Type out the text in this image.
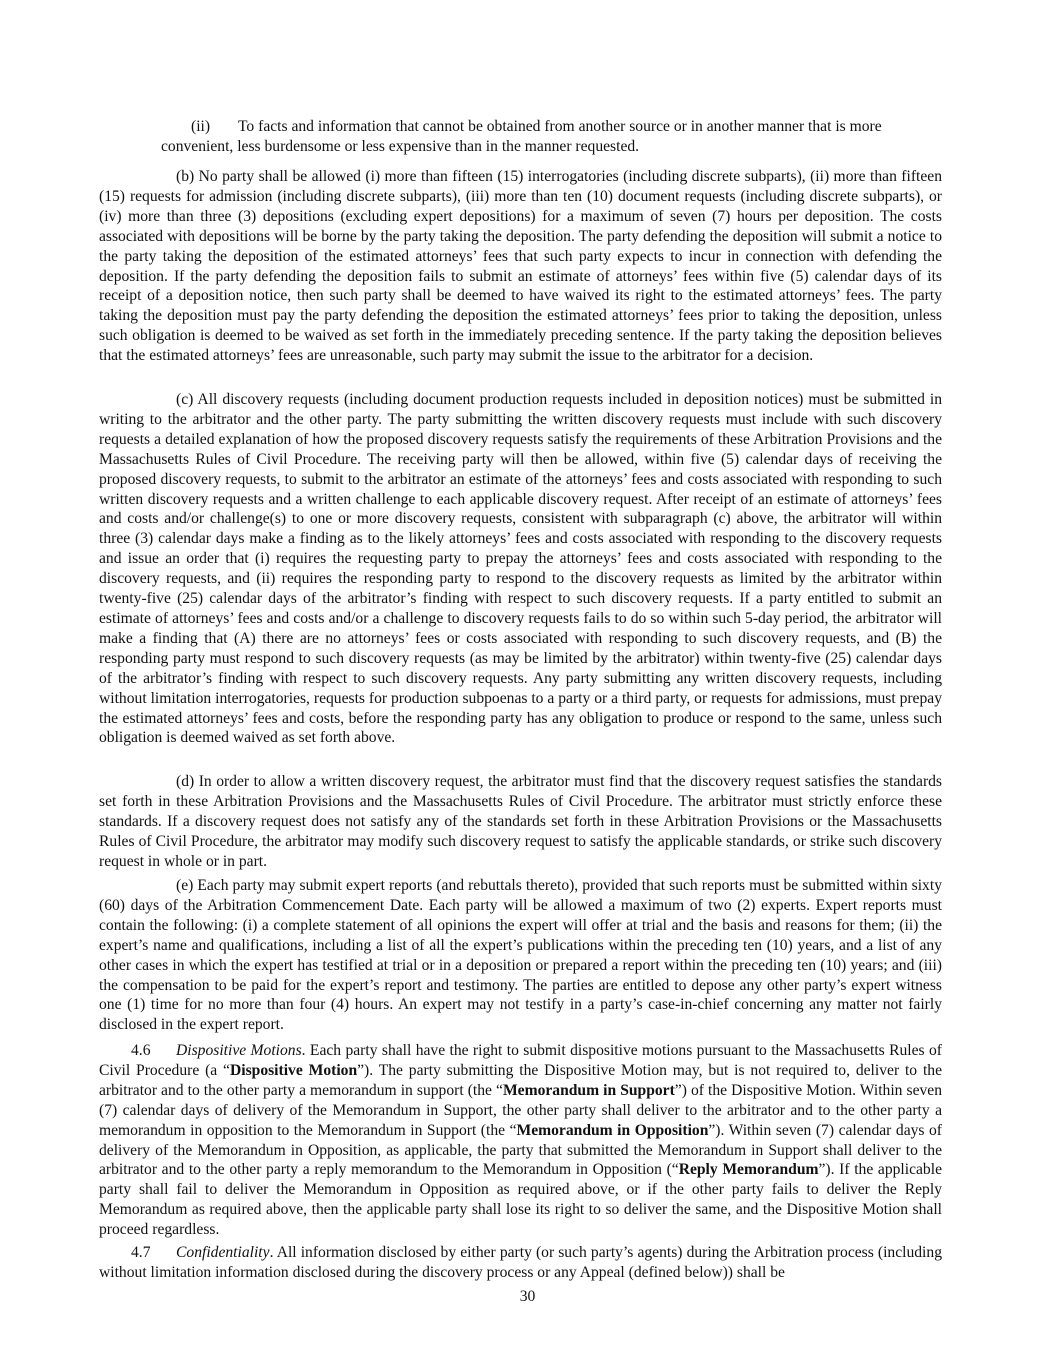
(ii) To facts and information that cannot be obtained from another source or in another manner that is more convenient, less burdensome or less expensive than in the manner requested.

(b) No party shall be allowed (i) more than fifteen (15) interrogatories (including discrete subparts), (ii) more than fifteen (15) requests for admission (including discrete subparts), (iii) more than ten (10) document requests (including discrete subparts), or (iv) more than three (3) depositions (excluding expert depositions) for a maximum of seven (7) hours per deposition. The costs associated with depositions will be borne by the party taking the deposition. The party defending the deposition will submit a notice to the party taking the deposition of the estimated attorneys’ fees that such party expects to incur in connection with defending the deposition. If the party defending the deposition fails to submit an estimate of attorneys’ fees within five (5) calendar days of its receipt of a deposition notice, then such party shall be deemed to have waived its right to the estimated attorneys’ fees. The party taking the deposition must pay the party defending the deposition the estimated attorneys’ fees prior to taking the deposition, unless such obligation is deemed to be waived as set forth in the immediately preceding sentence. If the party taking the deposition believes that the estimated attorneys’ fees are unreasonable, such party may submit the issue to the arbitrator for a decision.

(c) All discovery requests (including document production requests included in deposition notices) must be submitted in writing to the arbitrator and the other party. The party submitting the written discovery requests must include with such discovery requests a detailed explanation of how the proposed discovery requests satisfy the requirements of these Arbitration Provisions and the Massachusetts Rules of Civil Procedure. The receiving party will then be allowed, within five (5) calendar days of receiving the proposed discovery requests, to submit to the arbitrator an estimate of the attorneys’ fees and costs associated with responding to such written discovery requests and a written challenge to each applicable discovery request. After receipt of an estimate of attorneys’ fees and costs and/or challenge(s) to one or more discovery requests, consistent with subparagraph (c) above, the arbitrator will within three (3) calendar days make a finding as to the likely attorneys’ fees and costs associated with responding to the discovery requests and issue an order that (i) requires the requesting party to prepay the attorneys’ fees and costs associated with responding to the discovery requests, and (ii) requires the responding party to respond to the discovery requests as limited by the arbitrator within twenty-five (25) calendar days of the arbitrator’s finding with respect to such discovery requests. If a party entitled to submit an estimate of attorneys’ fees and costs and/or a challenge to discovery requests fails to do so within such 5-day period, the arbitrator will make a finding that (A) there are no attorneys’ fees or costs associated with responding to such discovery requests, and (B) the responding party must respond to such discovery requests (as may be limited by the arbitrator) within twenty-five (25) calendar days of the arbitrator’s finding with respect to such discovery requests. Any party submitting any written discovery requests, including without limitation interrogatories, requests for production subpoenas to a party or a third party, or requests for admissions, must prepay the estimated attorneys’ fees and costs, before the responding party has any obligation to produce or respond to the same, unless such obligation is deemed waived as set forth above.

(d) In order to allow a written discovery request, the arbitrator must find that the discovery request satisfies the standards set forth in these Arbitration Provisions and the Massachusetts Rules of Civil Procedure. The arbitrator must strictly enforce these standards. If a discovery request does not satisfy any of the standards set forth in these Arbitration Provisions or the Massachusetts Rules of Civil Procedure, the arbitrator may modify such discovery request to satisfy the applicable standards, or strike such discovery request in whole or in part.

(e) Each party may submit expert reports (and rebuttals thereto), provided that such reports must be submitted within sixty (60) days of the Arbitration Commencement Date. Each party will be allowed a maximum of two (2) experts. Expert reports must contain the following: (i) a complete statement of all opinions the expert will offer at trial and the basis and reasons for them; (ii) the expert’s name and qualifications, including a list of all the expert’s publications within the preceding ten (10) years, and a list of any other cases in which the expert has testified at trial or in a deposition or prepared a report within the preceding ten (10) years; and (iii) the compensation to be paid for the expert’s report and testimony. The parties are entitled to depose any other party’s expert witness one (1) time for no more than four (4) hours. An expert may not testify in a party’s case-in-chief concerning any matter not fairly disclosed in the expert report.

4.6 Dispositive Motions. Each party shall have the right to submit dispositive motions pursuant to the Massachusetts Rules of Civil Procedure (a “Dispositive Motion”). The party submitting the Dispositive Motion may, but is not required to, deliver to the arbitrator and to the other party a memorandum in support (the “Memorandum in Support”) of the Dispositive Motion. Within seven (7) calendar days of delivery of the Memorandum in Support, the other party shall deliver to the arbitrator and to the other party a memorandum in opposition to the Memorandum in Support (the “Memorandum in Opposition”). Within seven (7) calendar days of delivery of the Memorandum in Opposition, as applicable, the party that submitted the Memorandum in Support shall deliver to the arbitrator and to the other party a reply memorandum to the Memorandum in Opposition (“Reply Memorandum”). If the applicable party shall fail to deliver the Memorandum in Opposition as required above, or if the other party fails to deliver the Reply Memorandum as required above, then the applicable party shall lose its right to so deliver the same, and the Dispositive Motion shall proceed regardless.

4.7 Confidentiality. All information disclosed by either party (or such party’s agents) during the Arbitration process (including without limitation information disclosed during the discovery process or any Appeal (defined below)) shall be

30
